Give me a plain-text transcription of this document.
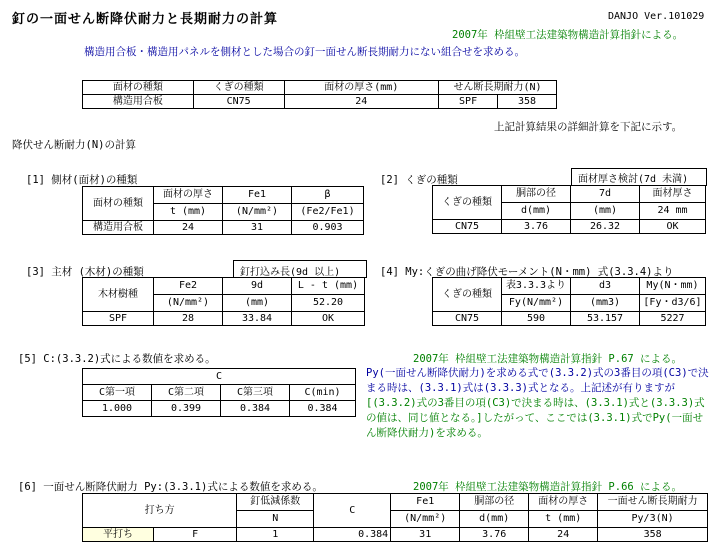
釘の一面せん断降伏耐力と長期耐力の計算	DANJO Ver.101029
2007年 枠組壁工法建築物構造計算指針による。
構造用合板・構造用パネルを側材とした場合の釘一面せん断長期耐力にない組合せを求める。
面材の種類	くぎの種類	面材の厚さ(mm)	せん断長期耐力(N)	
構造用合板	CN75	24	SPF	358
上記計算結果の詳細計算を下記に示す。
降伏せん断耐力(N)の計算
[1] 側材(面材)の種類
面材の種類	面材の厚さ	Fe1	β
	t (mm)	(N/mm²)	(Fe2/Fe1)
構造用合板	24	31	0.903
[2] くぎの種類	面材厚さ検討(7d 未満)
くぎの種類	胴部の径	7d	面材厚さ
	d(mm)	(mm)	24 mm
CN75	3.76	26.32	OK
[3] 主材 (木材)の種類	釘打込み長(9d 以上)
木材樹種	Fe2	9d	L - t (mm)
	(N/mm²)	(mm)	52.20
SPF	28	33.84	OK
[4] My:くぎの曲げ降伏モーメント(N・mm) 式(3.3.4)より
くぎの種類	表3.3.3より	d3	My(N・mm)
	Fy(N/mm²)	(mm3)	[Fy・d3/6]
CN75	590	53.157	5227
[5] C:(3.3.2)式による数値を求める。	2007年 枠組壁工法建築物構造計算指針 P.67 による。
C			
C第一項	C第二項	C第三項	C(min)
1.000	0.399	0.384	0.384
Py(一面せん断降伏耐力)を求める式で(3.3.2)式の3番目の項(C3)で決まる時は、(3.3.1)式は(3.3.3)式となる。上記述が有りますが[(3.3.2)式の3番目の項(C3)で決まる時は、(3.3.1)式と(3.3.3)式の値は、同じ値となる。]したがって、ここでは(3.3.1)式でPy(一面せん断降伏耐力)を求める。
[6] 一面せん断降伏耐力 Py:(3.3.1)式による数値を求める。	2007年 枠組壁工法建築物構造計算指針 P.66 による。
打ち方		釘低減係数	C	Fe1	胴部の径	面材の厚さ	一面せん断長期耐力
		N		(N/mm²)	d(mm)	t (mm)	Py/3(N)
平打ち	F	1	0.384	31	3.76	24	358
